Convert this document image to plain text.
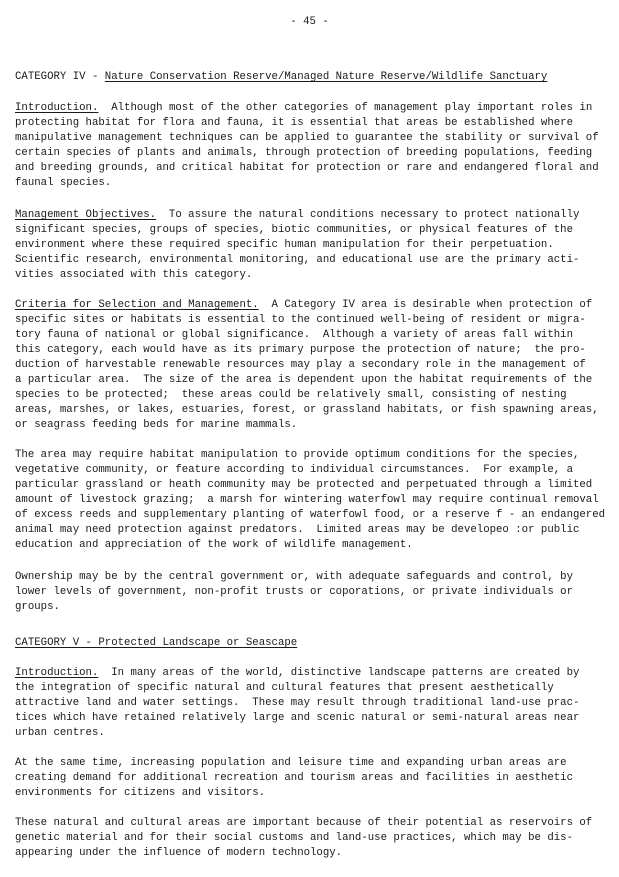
- 45 -
CATEGORY IV - Nature Conservation Reserve/Managed Nature Reserve/Wildlife Sanctuary
Introduction.  Although most of the other categories of management play important roles in
protecting habitat for flora and fauna, it is essential that areas be established where
manipulative management techniques can be applied to guarantee the stability or survival of
certain species of plants and animals, through protection of breeding populations, feeding
and breeding grounds, and critical habitat for protection or rare and endangered floral and
faunal species.
Management Objectives.  To assure the natural conditions necessary to protect nationally
significant species, groups of species, biotic communities, or physical features of the
environment where these required specific human manipulation for their perpetuation.
Scientific research, environmental monitoring, and educational use are the primary acti-
vities associated with this category.
Criteria for Selection and Management.  A Category IV area is desirable when protection of
specific sites or habitats is essential to the continued well-being of resident or migra-
tory fauna of national or global significance.  Although a variety of areas fall within
this category, each would have as its primary purpose the protection of nature;  the pro-
duction of harvestable renewable resources may play a secondary role in the management of
a particular area.  The size of the area is dependent upon the habitat requirements of the
species to be protected;  these areas could be relatively small, consisting of nesting
areas, marshes, or lakes, estuaries, forest, or grassland habitats, or fish spawning areas,
or seagrass feeding beds for marine mammals.
The area may require habitat manipulation to provide optimum conditions for the species,
vegetative community, or feature according to individual circumstances.  For example, a
particular grassland or heath community may be protected and perpetuated through a limited
amount of livestock grazing;  a marsh for wintering waterfowl may require continual removal
of excess reeds and supplementary planting of waterfowl food, or a reserve f - an endangered
animal may need protection against predators.  Limited areas may be developeo :or public
education and appreciation of the work of wildlife management.
Ownership may be by the central government or, with adequate safeguards and control, by
lower levels of government, non-profit trusts or coporations, or private individuals or
groups.
CATEGORY V - Protected Landscape or Seascape
Introduction.  In many areas of the world, distinctive landscape patterns are created by
the integration of specific natural and cultural features that present aesthetically
attractive land and water settings.  These may result through traditional land-use prac-
tices which have retained relatively large and scenic natural or semi-natural areas near
urban centres.
At the same time, increasing population and leisure time and expanding urban areas are
creating demand for additional recreation and tourism areas and facilities in aesthetic
environments for citizens and visitors.
These natural and cultural areas are important because of their potential as reservoirs of
genetic material and for their social customs and land-use practices, which may be dis-
appearing under the influence of modern technology.
